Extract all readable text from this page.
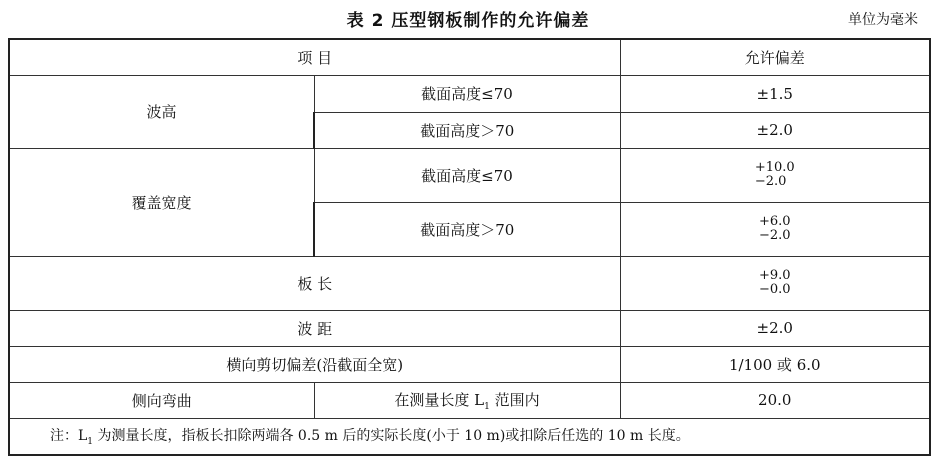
表 2 压型钢板制作的允许偏差	单位为毫米
项 目		允许偏差
波高	截面高度≤70	±1.5
	截面高度＞70	±2.0
覆盖宽度	截面高度≤70	+10.0
−2.0

	截面高度＞70	+6.0
−2.0

板 长		+9.0
−0.0

波 距		±2.0
横向剪切偏差(沿截面全宽)		1/100 或 6.0
侧向弯曲	在测量长度 $L_1$ 范围内	20.0
注：$L_1$ 为测量长度，指板长扣除两端各 0.5 m 后的实际长度(小于 10 m)或扣除后任选的 10 m 长度。		
